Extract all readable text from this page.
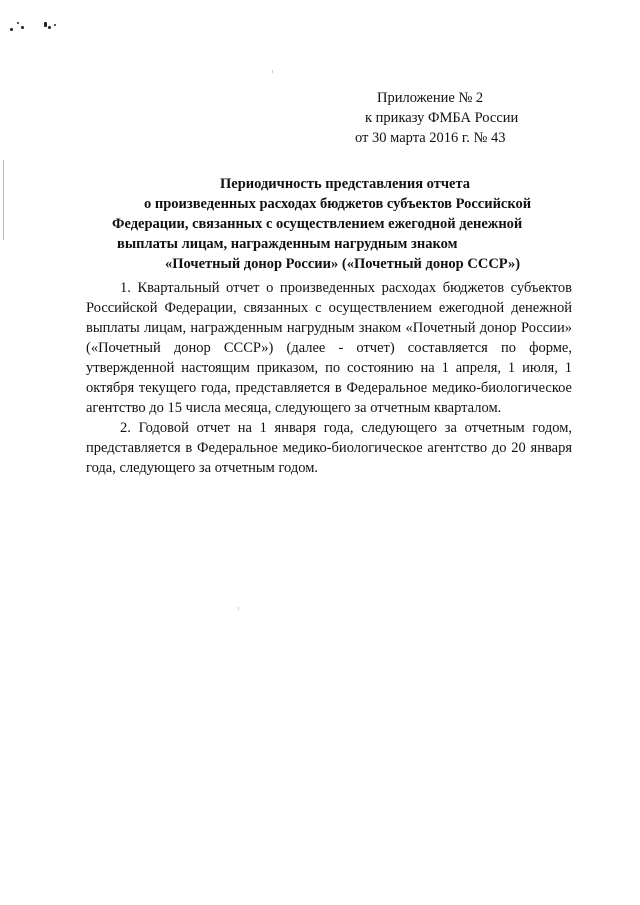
Приложение № 2
к приказу ФМБА России
от 30 марта 2016 г. № 43
Периодичность представления отчета
о произведенных расходах бюджетов субъектов Российской
Федерации, связанных с осуществлением ежегодной денежной
выплаты лицам, награжденным нагрудным знаком
«Почетный донор России» («Почетный донор СССР»)

1. Квартальный отчет о произведенных расходах бюджетов субъектов Российской Федерации, связанных с осуществлением ежегодной денежной выплаты лицам, награжденным нагрудным знаком «Почетный донор России» («Почетный донор СССР») (далее - отчет) составляется по форме, утвержденной настоящим приказом, по состоянию на 1 апреля, 1 июля, 1 октября текущего года, представляется в Федеральное медико-биологическое агентство до 15 числа месяца, следующего за отчетным кварталом.

2. Годовой отчет на 1 января года, следующего за отчетным годом, представляется в Федеральное медико-биологическое агентство до 20 января года, следующего за отчетным годом.
